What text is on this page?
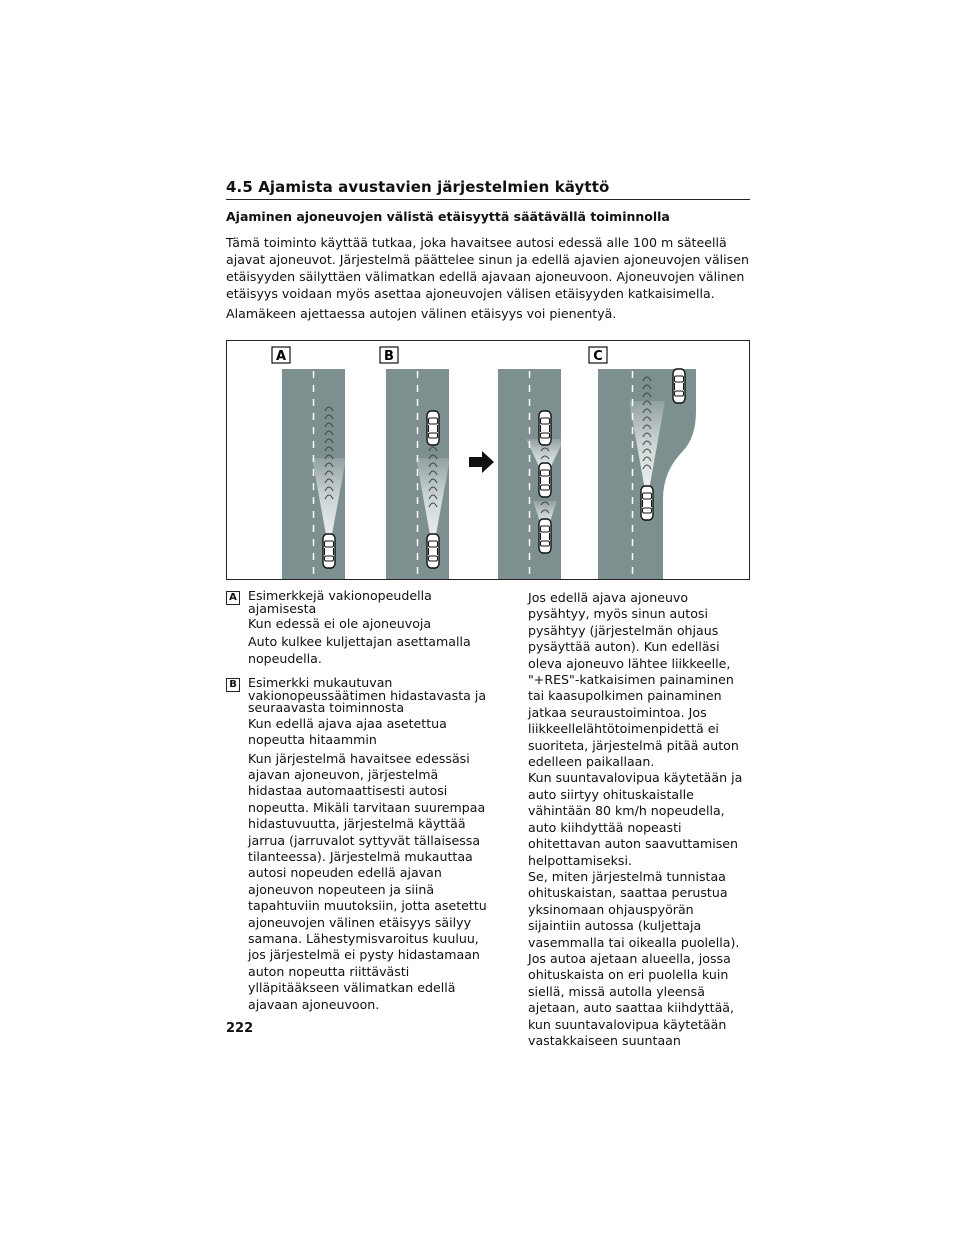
4.5 Ajamista avustavien järjestelmien käyttö
Ajaminen ajoneuvojen välistä etäisyyttä säätävällä toiminnolla

Tämä toiminto käyttää tutkaa, joka havaitsee autosi edessä alle 100 m säteellä ajavat ajoneuvot. Järjestelmä päättelee sinun ja edellä ajavien ajoneuvojen välisen etäisyyden säilyttäen välimatkan edellä ajavaan ajoneuvoon. Ajoneuvojen välinen etäisyys voidaan myös asettaa ajoneuvojen välisen etäisyyden katkaisimella.

Alamäkeen ajettaessa autojen välinen etäisyys voi pienentyä.

A	B	C
A Esimerkkejä vakionopeudella ajamisesta

Kun edessä ei ole ajoneuvoja

Auto kulkee kuljettajan asettamalla nopeudella.

B Esimerkki mukautuvan vakionopeussäätimen hidastavasta ja seuraavasta toiminnosta

Kun edellä ajava ajaa asetettua nopeutta hitaammin

Kun järjestelmä havaitsee edessäsi ajavan ajoneuvon, järjestelmä hidastaa automaattisesti autosi nopeutta. Mikäli tarvitaan suurempaa hidastuvuutta, järjestelmä käyttää jarrua (jarruvalot syttyvät tällaisessa tilanteessa). Järjestelmä mukauttaa autosi nopeuden edellä ajavan ajoneuvon nopeuteen ja siinä tapahtuviin muutoksiin, jotta asetettu ajoneuvojen välinen etäisyys säilyy samana. Lähestymisvaroitus kuuluu, jos järjestelmä ei pysty hidastamaan auton nopeutta riittävästi ylläpitääkseen välimatkan edellä ajavaan ajoneuvoon.

Jos edellä ajava ajoneuvo pysähtyy, myös sinun autosi pysähtyy (järjestelmän ohjaus pysäyttää auton). Kun edelläsi oleva ajoneuvo lähtee liikkeelle, "+RES"-katkaisimen painaminen tai kaasupolkimen painaminen jatkaa seuraustoimintoa. Jos liikkeellelähtötoimenpidettä ei suoriteta, järjestelmä pitää auton edelleen paikallaan.

Kun suuntavalovipua käytetään ja auto siirtyy ohituskaistalle vähintään 80 km/h nopeudella, auto kiihdyttää nopeasti ohitettavan auton saavuttamisen helpottamiseksi.

Se, miten järjestelmä tunnistaa ohituskaistan, saattaa perustua yksinomaan ohjauspyörän sijaintiin autossa (kuljettaja vasemmalla tai oikealla puolella). Jos autoa ajetaan alueella, jossa ohituskaista on eri puolella kuin siellä, missä autolla yleensä ajetaan, auto saattaa kiihdyttää, kun suuntavalovipua käytetään vastakkaiseen suuntaan

222
